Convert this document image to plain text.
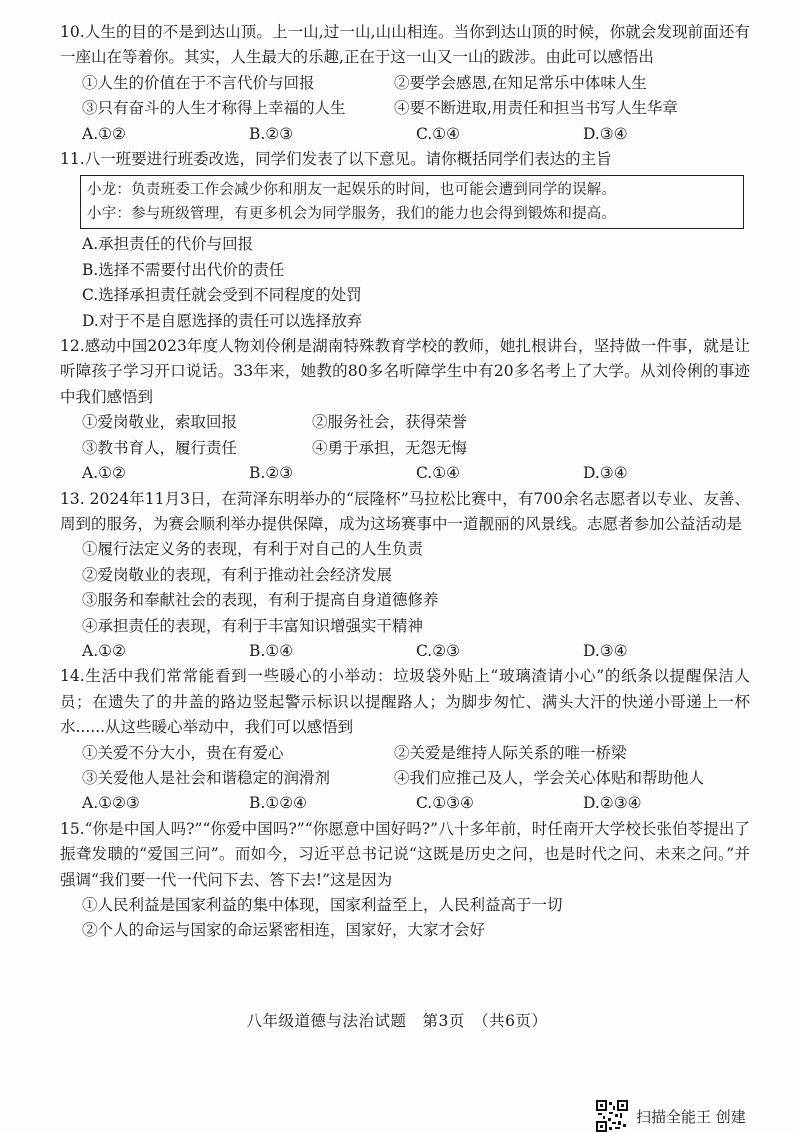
10.人生的目的不是到达山顶。上一山,过一山,山山相连。当你到达山顶的时候，你就会发现前面还有一座山在等着你。其实，人生最大的乐趣,正在于这一山又一山的跋涉。由此可以感悟出

①人生的价值在于不言代价与回报	②要学会感恩,在知足常乐中体味人生
③只有奋斗的人生才称得上幸福的人生	④要不断进取,用责任和担当书写人生华章
A.①②	B.②③	C.①④	D.③④

11.八一班要进行班委改选，同学们发表了以下意见。请你概括同学们表达的主旨

小龙：负责班委工作会减少你和朋友一起娱乐的时间，也可能会遭到同学的误解。
小宇：参与班级管理，有更多机会为同学服务，我们的能力也会得到锻炼和提高。

A.承担责任的代价与回报

B.选择不需要付出代价的责任

C.选择承担责任就会受到不同程度的处罚

D.对于不是自愿选择的责任可以选择放弃

12.感动中国2023年度人物刘伶俐是湖南特殊教育学校的教师，她扎根讲台，坚持做一件事，就是让听障孩子学习开口说话。33年来，她教的80多名听障学生中有20多名考上了大学。从刘伶俐的事迹中我们感悟到

①爱岗敬业，索取回报	②服务社会，获得荣誉
③教书育人，履行责任	④勇于承担，无怨无悔
A.①②	B.②③	C.①④	D.③④

13. 2024年11月3日，在菏泽东明举办的“辰隆杯”马拉松比赛中，有700余名志愿者以专业、友善、周到的服务，为赛会顺利举办提供保障，成为这场赛事中一道靓丽的风景线。志愿者参加公益活动是

①履行法定义务的表现，有利于对自己的人生负责

②爱岗敬业的表现，有利于推动社会经济发展

③服务和奉献社会的表现，有利于提高自身道德修养

④承担责任的表现，有利于丰富知识增强实干精神

A.①②	B.①④	C.②③	D.③④

14.生活中我们常常能看到一些暖心的小举动：垃圾袋外贴上“玻璃渣请小心”的纸条以提醒保洁人员；在遗失了的井盖的路边竖起警示标识以提醒路人；为脚步匆忙、满头大汗的快递小哥递上一杯水......从这些暖心举动中，我们可以感悟到

①关爱不分大小，贵在有爱心	②关爱是维持人际关系的唯一桥梁
③关爱他人是社会和谐稳定的润滑剂	④我们应推己及人，学会关心体贴和帮助他人
A.①②③	B.①②④	C.①③④	D.②③④

15.“你是中国人吗?”“你爱中国吗?”“你愿意中国好吗?”八十多年前，时任南开大学校长张伯苓提出了振聋发聩的“爱国三问”。而如今，习近平总书记说“这既是历史之问，也是时代之问、未来之问。”并强调“我们要一代一代问下去、答下去!”这是因为

①人民利益是国家利益的集中体现，国家利益至上，人民利益高于一切

②个人的命运与国家的命运紧密相连，国家好，大家才会好

八年级道德与法治试题　第3页　（共6页）
扫描全能王 创建
